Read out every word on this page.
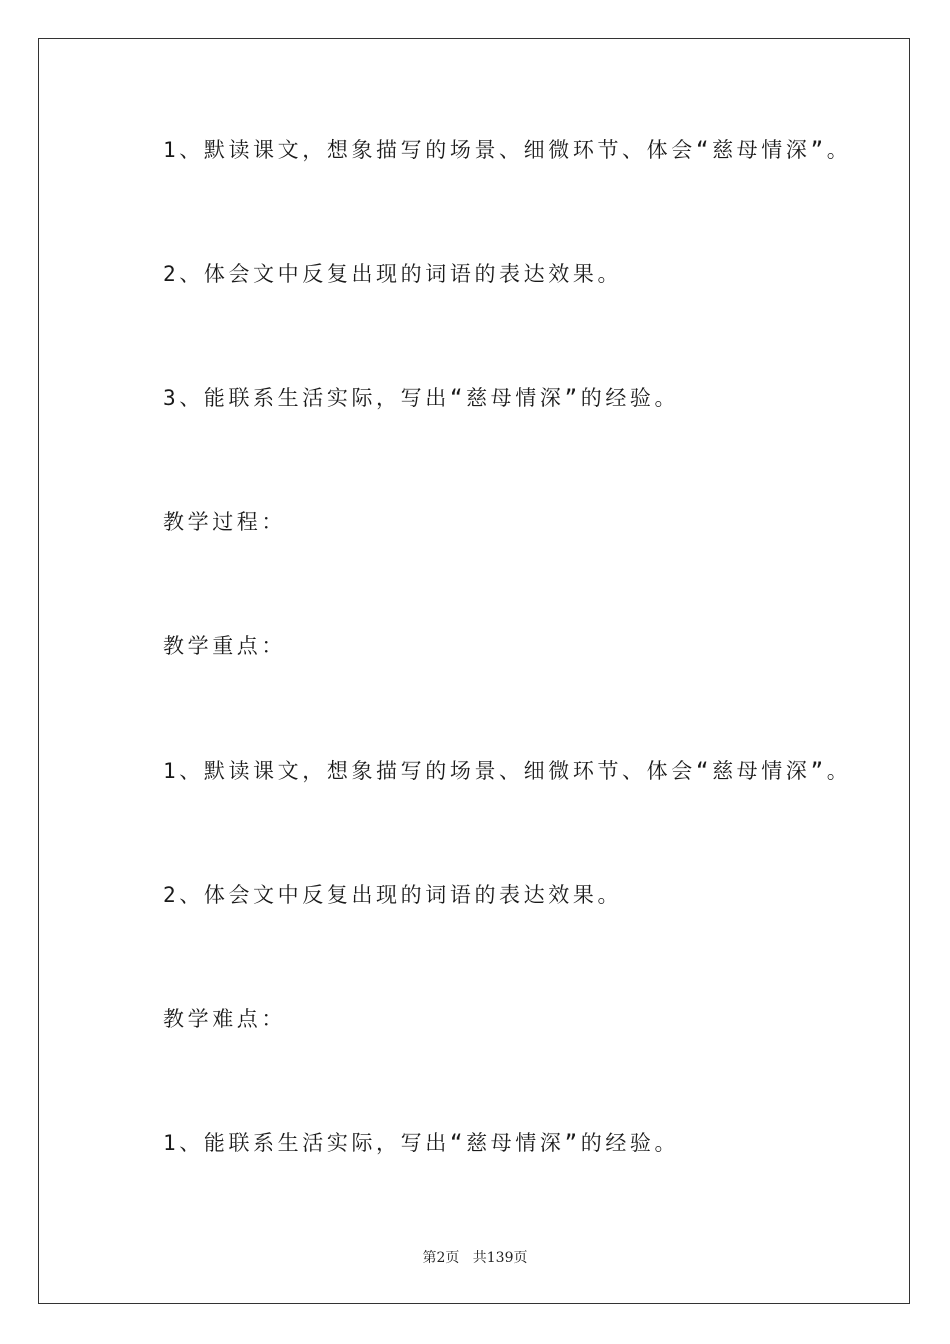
1、默读课文，想象描写的场景、细微环节、体会“慈母情深”。
2、体会文中反复出现的词语的表达效果。
3、能联系生活实际，写出“慈母情深”的经验。
教学过程：
教学重点：
1、默读课文，想象描写的场景、细微环节、体会“慈母情深”。
2、体会文中反复出现的词语的表达效果。
教学难点：
1、能联系生活实际，写出“慈母情深”的经验。
第2页 共139页
